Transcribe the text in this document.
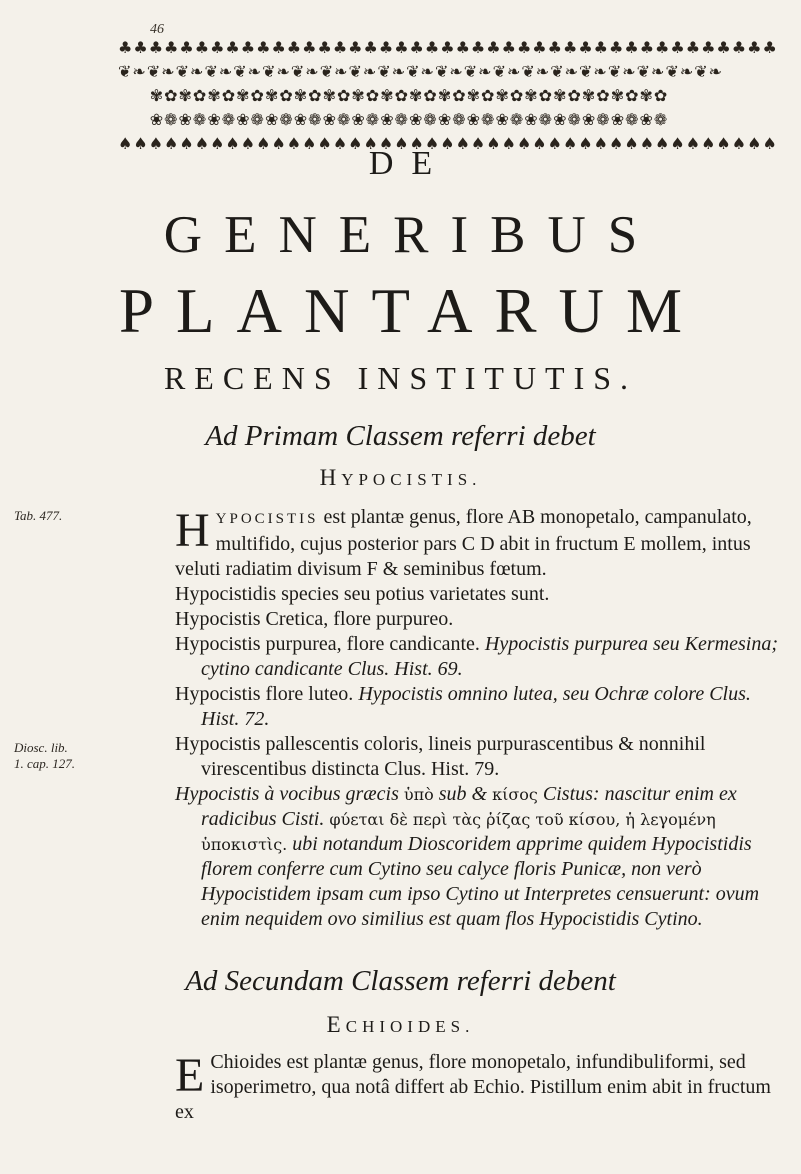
46
♣♣♣♣♣♣♣♣♣♣♣♣♣♣♣♣♣♣♣♣♣♣♣♣♣♣♣♣♣♣♣♣♣♣♣♣♣♣♣♣♣♣♣
❦❧❦❧❦❧❦❧❦❧❦❧❦❧❦❧❦❧❦❧❦❧❦❧❦❧❦❧❦❧❦❧❦❧❦❧❦❧❦❧❦❧
✾✿✾✿✾✿✾✿✾✿✾✿✾✿✾✿✾✿✾✿✾✿✾✿✾✿✾✿✾✿✾✿✾✿✾✿
❀❁❀❁❀❁❀❁❀❁❀❁❀❁❀❁❀❁❀❁❀❁❀❁❀❁❀❁❀❁❀❁❀❁❀❁
♠♠♠♠♠♠♠♠♠♠♠♠♠♠♠♠♠♠♠♠♠♠♠♠♠♠♠♠♠♠♠♠♠♠♠♠♠♠♠♠♠♠♠
DE
GENERIBUS
PLANTARUM
RECENS INSTITUTIS.
Ad Primam Classem referri debet
HYPOCISTIS.
Tab. 477.
Diosc. lib.
1. cap. 127.

HYPOCISTIS est plantæ genus, flore AB monopetalo, campanulato, multifido, cujus posterior pars C D abit in fructum E mollem, intus veluti radiatim divisum F & seminibus fœtum.

Hypocistidis species seu potius varietates sunt.

Hypocistis Cretica, flore purpureo.

Hypocistis purpurea, flore candicante. Hypocistis purpurea seu Kermesina; cytino candicante Clus. Hist. 69.

Hypocistis flore luteo. Hypocistis omnino lutea, seu Ochræ colore Clus. Hist. 72.

Hypocistis pallescentis coloris, lineis purpurascentibus & nonnihil virescentibus distincta Clus. Hist. 79.

Hypocistis à vocibus græcis ὑπὸ sub & κίσος Cistus: nascitur enim ex radicibus Cisti. φύεται δὲ περὶ τὰς ῥίζας τοῦ κίσου, ἡ λεγομένη ὑποκιστὶς. ubi notandum Dioscoridem apprime quidem Hypocistidis florem conferre cum Cytino seu calyce floris Punicæ, non verò Hypocistidem ipsam cum ipso Cytino ut Interpretes censuerunt: ovum enim nequidem ovo similius est quam flos Hypocistidis Cytino.

Ad Secundam Classem referri debent
ECHIOIDES.

E Chioides est plantæ genus, flore monopetalo, infundibuliformi, sed isoperimetro, qua notâ differt ab Echio. Pistillum enim abit in fructum ex
